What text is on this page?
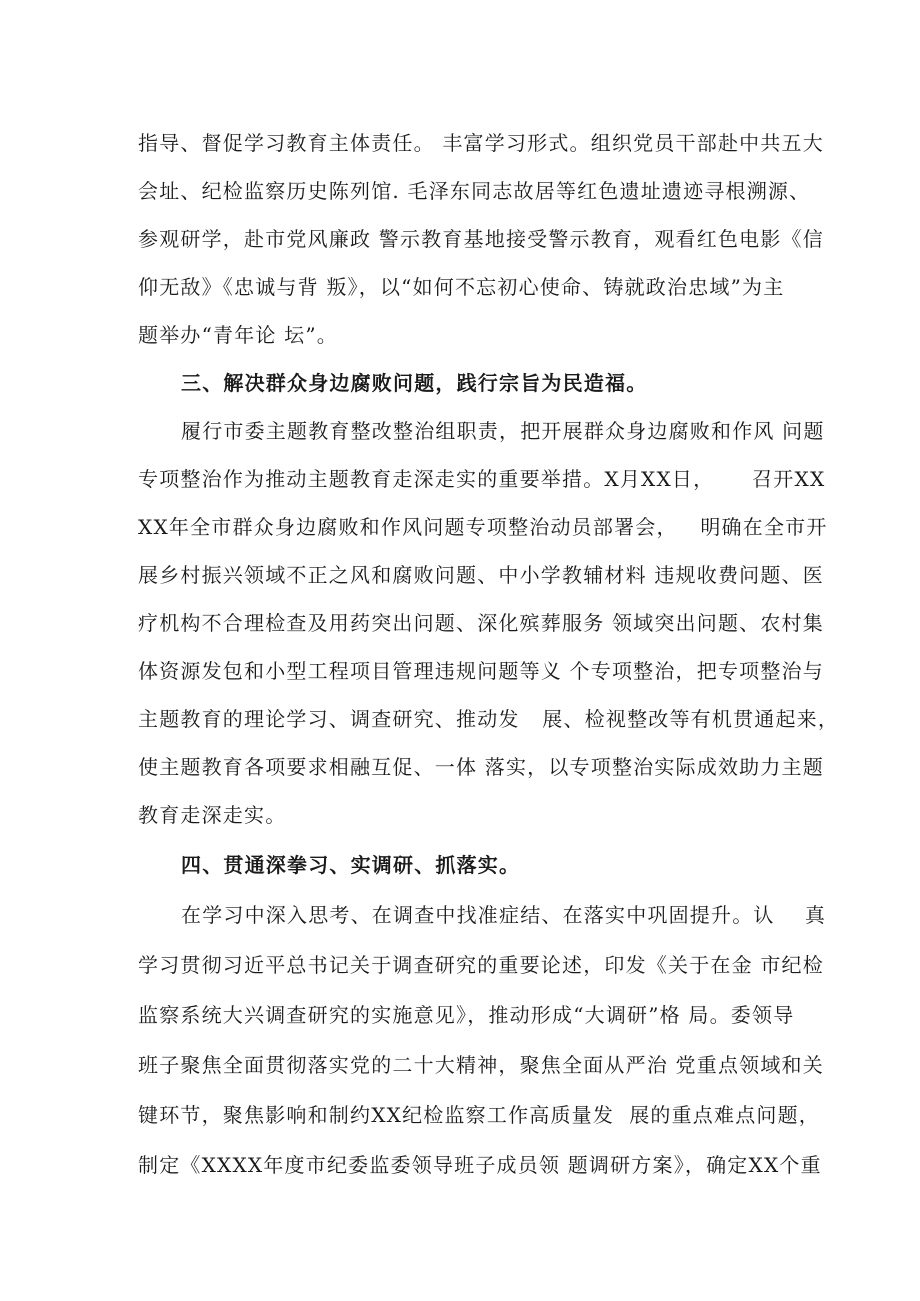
指导、督促学习教育主体责任。 丰富学习形式。组织党员干部赴中共五大
会址、纪检监察历史陈列馆. 毛泽东同志故居等红色遗址遗迹寻根溯源、
参观研学，赴市党风廉政 警示教育基地接受警示教育，观看红色电影《信
仰无敌》《忠诚与背 叛》，以“如何不忘初心使命、铸就政治忠域”为主
题举办“青年论 坛”。
三、解决群众身边腐败问题，践行宗旨为民造福。
履行市委主题教育整改整治组职责，把开展群众身边腐败和作风 问题
专项整治作为推动主题教育走深走实的重要举措。X月XX日，     召开XX
XX年全市群众身边腐败和作风问题专项整治动员部署会，   明确在全市开
展乡村振兴领域不正之风和腐败问题、中小学教辅材料 违规收费问题、医
疗机构不合理检查及用药突出问题、深化殡葬服务 领域突出问题、农村集
体资源发包和小型工程项目管理违规问题等义 个专项整治，把专项整治与
主题教育的理论学习、调查研究、推动发   展、检视整改等有机贯通起来，
使主题教育各项要求相融互促、一体 落实，以专项整治实际成效助力主题
教育走深走实。
四、贯通深拳习、实调研、抓落实。
在学习中深入思考、在调查中找准症结、在落实中巩固提升。认    真
学习贯彻习近平总书记关于调查研究的重要论述，印发《关于在金 市纪检
监察系统大兴调查研究的实施意见》，推动形成“大调研”格 局。委领导
班子聚焦全面贯彻落实党的二十大精神，聚焦全面从严治 党重点领域和关
键环节，聚焦影响和制约XX纪检监察工作高质量发  展的重点难点问题，
制定《XXXX年度市纪委监委领导班子成员领 题调研方案》，确定XX个重
